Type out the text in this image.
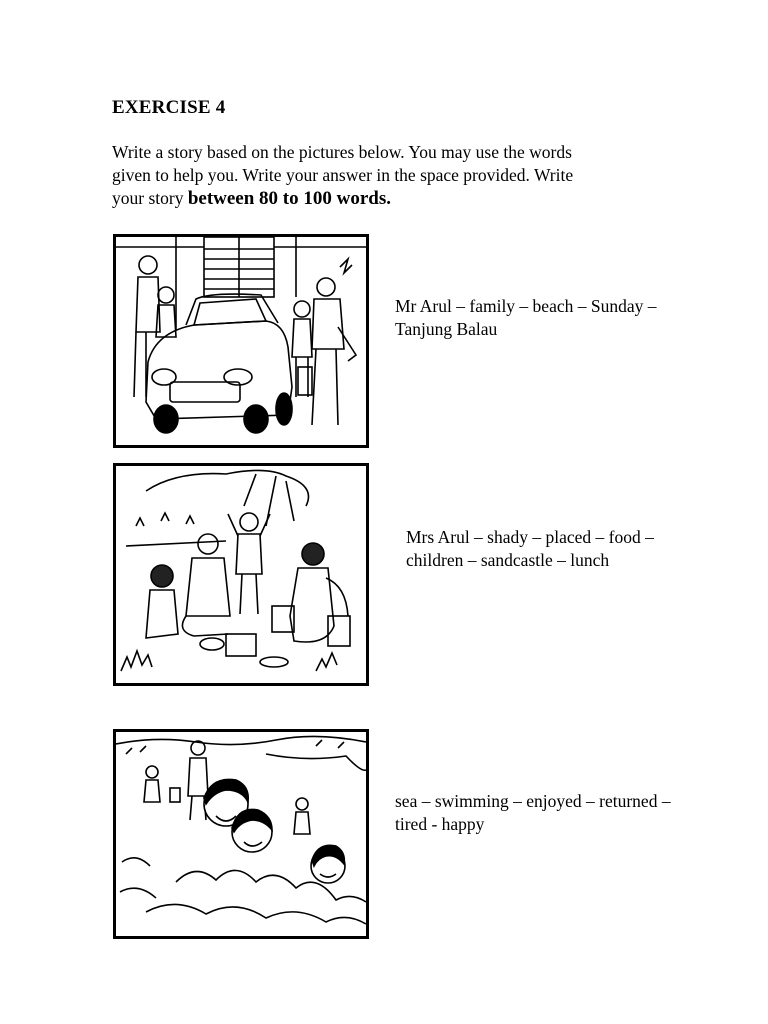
EXERCISE 4
Write a story based on the pictures below. You may use the words
given to help you. Write your answer in the space provided. Write
your story between 80 to 100 words.
Mr Arul – family – beach – Sunday –
Tanjung Balau
Mrs Arul – shady – placed – food –
children – sandcastle – lunch
sea – swimming – enjoyed – returned –
tired - happy
